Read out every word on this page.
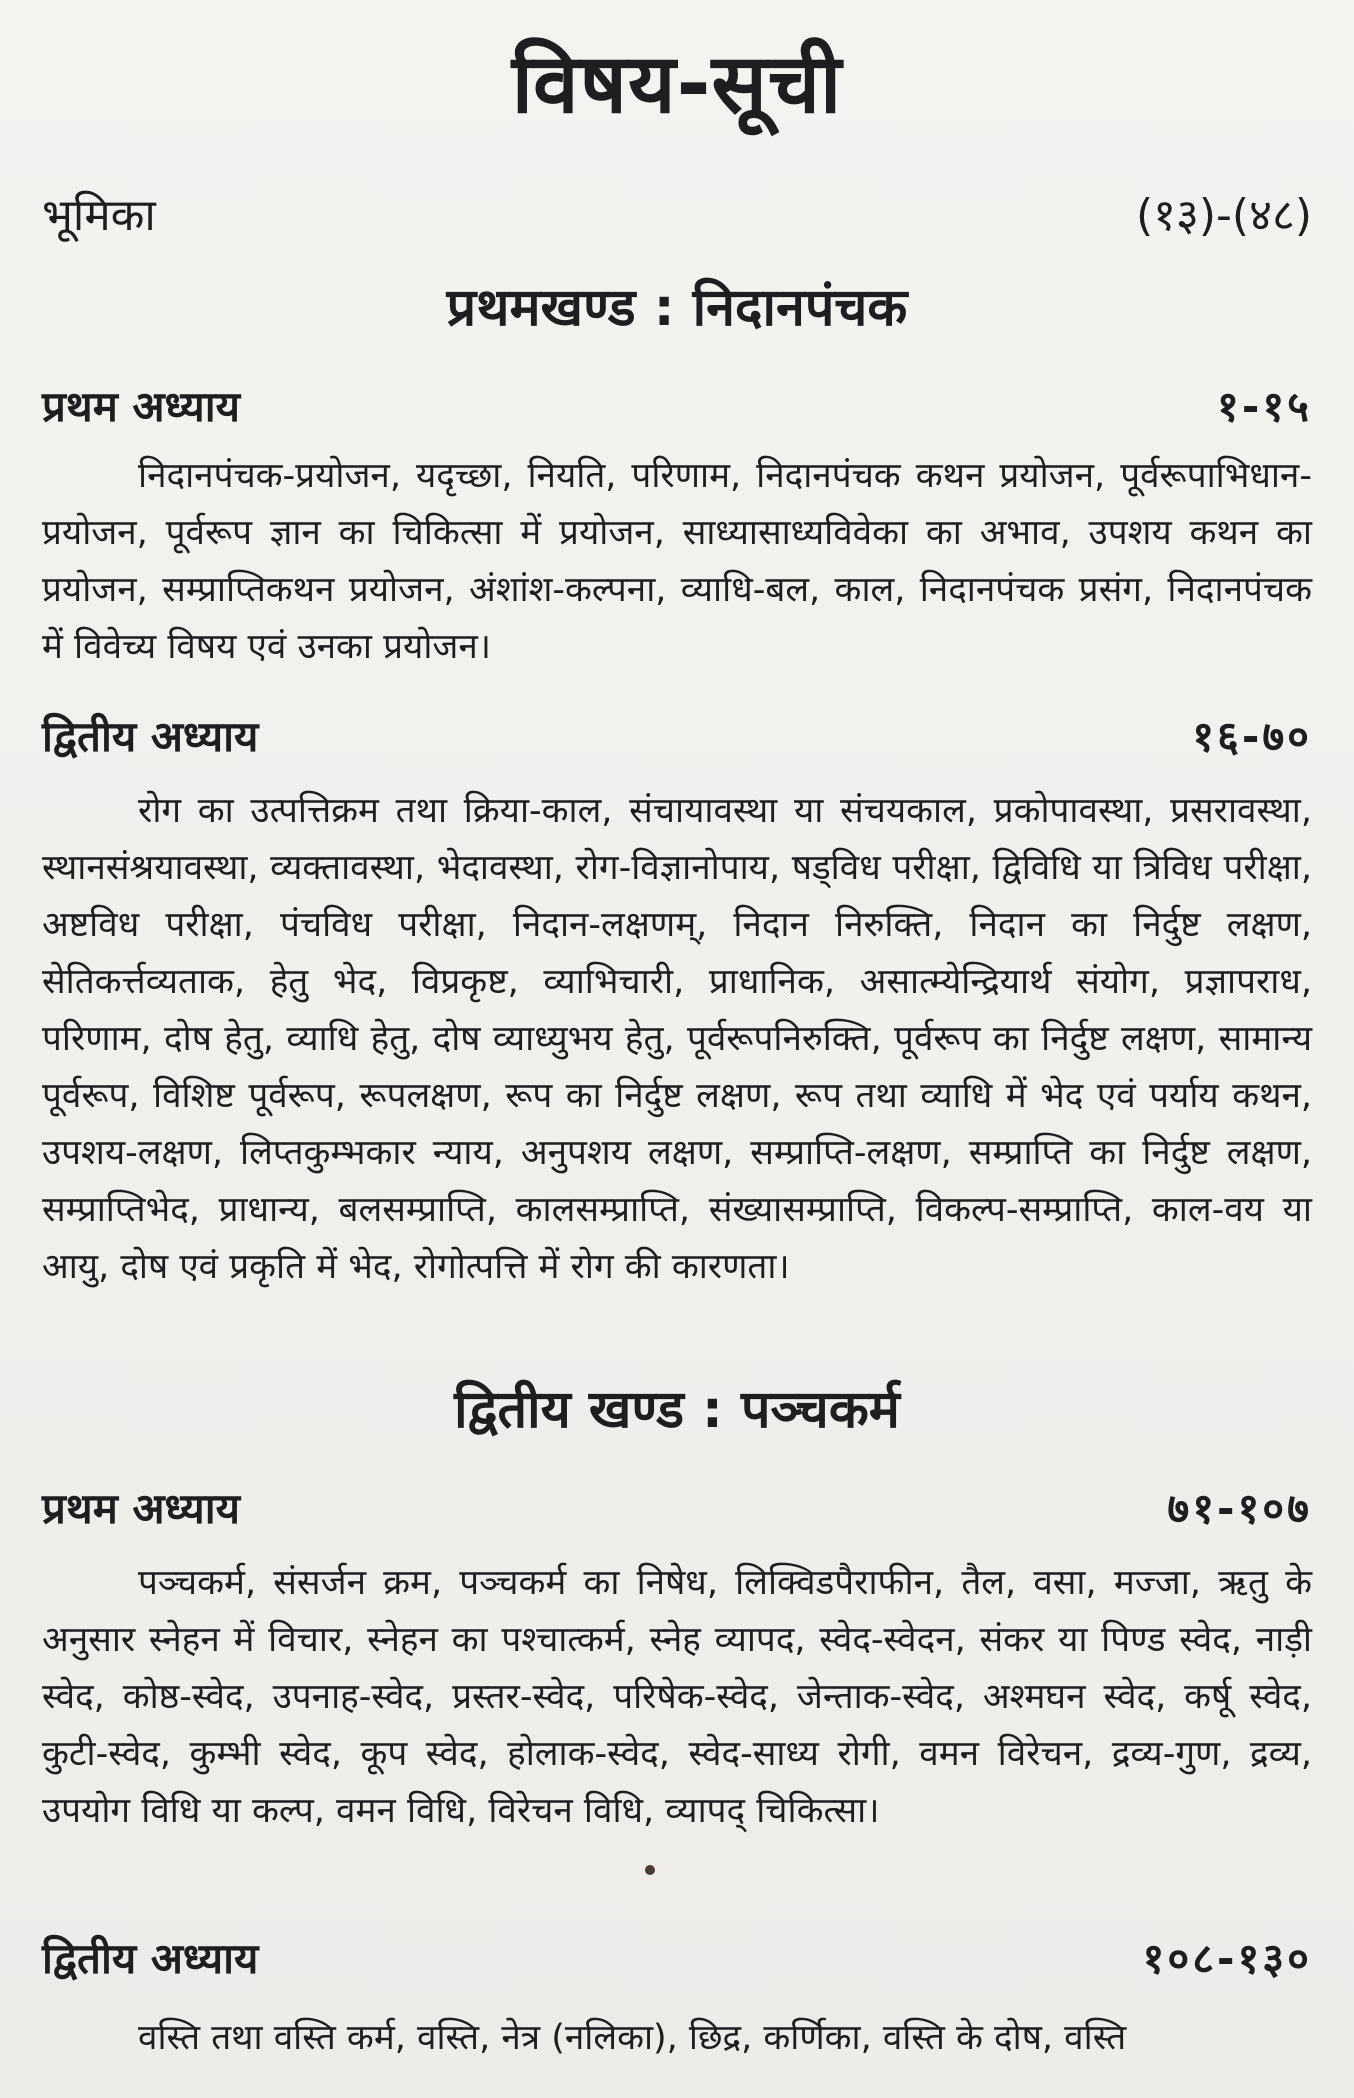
विषय-सूची
भूमिका	(१३)-(४८)
प्रथमखण्ड : निदानपंचक
प्रथम अध्याय	१-१५
निदानपंचक-प्रयोजन, यदृच्छा, नियति, परिणाम, निदानपंचक कथन प्रयोजन, पूर्वरूपाभिधान-प्रयोजन, पूर्वरूप ज्ञान का चिकित्सा में प्रयोजन, साध्यासाध्यविवेका का अभाव, उपशय कथन का प्रयोजन, सम्प्राप्तिकथन प्रयोजन, अंशांश-कल्पना, व्याधि-बल, काल, निदानपंचक प्रसंग, निदानपंचक में विवेच्य विषय एवं उनका प्रयोजन।
द्वितीय अध्याय	१६-७०
रोग का उत्पत्तिक्रम तथा क्रिया-काल, संचायावस्था या संचयकाल, प्रकोपावस्था, प्रसरावस्था, स्थानसंश्रयावस्था, व्यक्तावस्था, भेदावस्था, रोग-विज्ञानोपाय, षड्विध परीक्षा, द्विविधि या त्रिविध परीक्षा, अष्टविध परीक्षा, पंचविध परीक्षा, निदान-लक्षणम्, निदान निरुक्ति, निदान का निर्दुष्ट लक्षण, सेतिकर्त्तव्यताक, हेतु भेद, विप्रकृष्ट, व्याभिचारी, प्राधानिक, असात्म्येन्द्रियार्थ संयोग, प्रज्ञापराध, परिणाम, दोष हेतु, व्याधि हेतु, दोष व्याध्युभय हेतु, पूर्वरूपनिरुक्ति, पूर्वरूप का निर्दुष्ट लक्षण, सामान्य पूर्वरूप, विशिष्ट पूर्वरूप, रूपलक्षण, रूप का निर्दुष्ट लक्षण, रूप तथा व्याधि में भेद एवं पर्याय कथन, उपशय-लक्षण, लिप्तकुम्भकार न्याय, अनुपशय लक्षण, सम्प्राप्ति-लक्षण, सम्प्राप्ति का निर्दुष्ट लक्षण, सम्प्राप्तिभेद, प्राधान्य, बलसम्प्राप्ति, कालसम्प्राप्ति, संख्यासम्प्राप्ति, विकल्प-सम्प्राप्ति, काल-वय या आयु, दोष एवं प्रकृति में भेद, रोगोत्पत्ति में रोग की कारणता।
द्वितीय खण्ड : पञ्चकर्म
प्रथम अध्याय	७१-१०७
पञ्चकर्म, संसर्जन क्रम, पञ्चकर्म का निषेध, लिक्विडपैराफीन, तैल, वसा, मज्जा, ऋतु के अनुसार स्नेहन में विचार, स्नेहन का पश्चात्कर्म, स्नेह व्यापद, स्वेद-स्वेदन, संकर या पिण्ड स्वेद, नाड़ी स्वेद, कोष्ठ-स्वेद, उपनाह-स्वेद, प्रस्तर-स्वेद, परिषेक-स्वेद, जेन्ताक-स्वेद, अश्मघन स्वेद, कर्षू स्वेद, कुटी-स्वेद, कुम्भी स्वेद, कूप स्वेद, होलाक-स्वेद, स्वेद-साध्य रोगी, वमन विरेचन, द्रव्य-गुण, द्रव्य, उपयोग विधि या कल्प, वमन विधि, विरेचन विधि, व्यापद् चिकित्सा।
द्वितीय अध्याय	१०८-१३०
वस्ति तथा वस्ति कर्म, वस्ति, नेत्र (नलिका), छिद्र, कर्णिका, वस्ति के दोष, वस्ति
